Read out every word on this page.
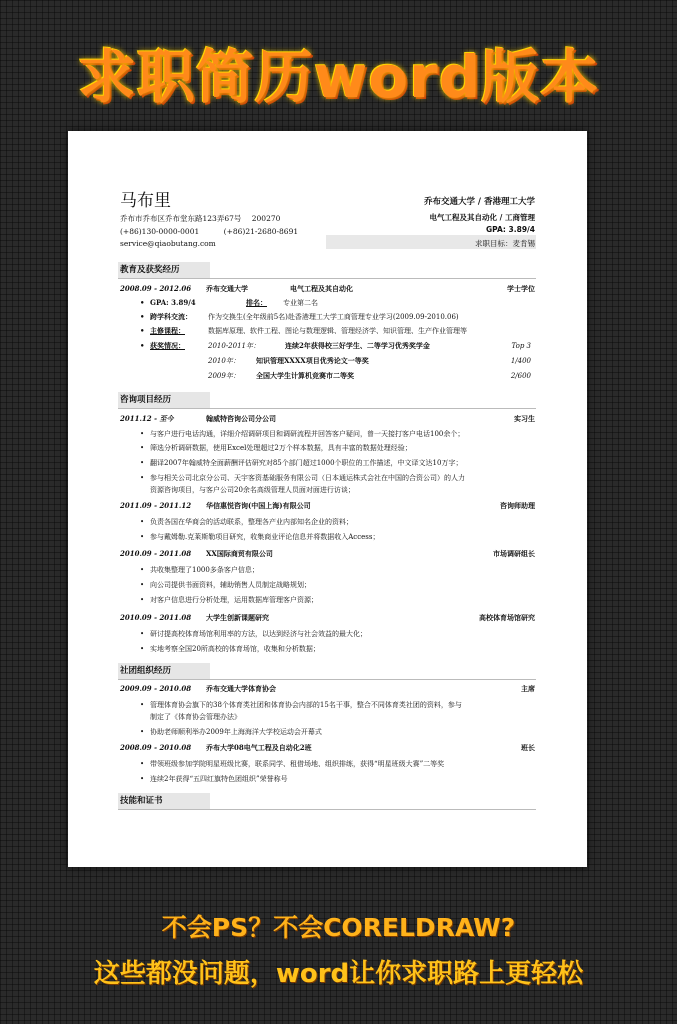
求职简历word版本
马布里
乔布市乔布区乔布堂东路123弄67号 200270
(+86)130-0000-0001	(+86)21-2680-8691
service@qiaobutang.com
乔布交通大学 / 香港理工大学
电气工程及其自动化 / 工商管理
GPA: 3.89/4
求职目标：麦肯锡
教育及获奖经历
2008.09 - 2012.06 乔布交通大学	电气工程及其自动化	学士学位
• GPA: 3.89/4	排名： 专业第二名
• 跨学科交流： 作为交换生(全年级前5名)赴香港理工大学工商管理专业学习(2009.09-2010.06)
• 主修课程：	数据库原理、软件工程、图论与数理逻辑、管理经济学、知识管理、生产作业管理等
• 获奖情况：	2010-2011年：	连续2年获得校三好学生、二等学习优秀奖学金	Top 3
2010年： 知识管理XXXX项目优秀论文一等奖	1/400
2009年： 全国大学生计算机竞赛市二等奖	2/600
咨询项目经历
2011.12 - 至今	翰威特咨询公司分公司	实习生
• 与客户进行电话沟通，详细介绍调研项目和调研流程并回答客户疑问，曾一天接打客户电话100余个；
• 筛选分析调研数据，使用Excel处理超过2万个样本数据，具有丰富的数据处理经验；
• 翻译2007年翰威特全面薪酬评估研究对85个部门超过1000个职位的工作描述，中文译文达10万字；
• 参与相关公司北京分公司、天宇客资基础服务有限公司（日本通运株式会社在中国的合资公司）的人力
资源咨询项目，与客户公司20余名高级管理人员面对面进行访谈；
2011.09 - 2011.12 华信惠悦咨询(中国上海)有限公司	咨询师助理
• 负责各国在华商会的活动联系，整理各产业内部知名企业的资料；
• 参与戴姆勒.克莱斯勒项目研究，收集商业评论信息并将数据收入Access；
2010.09 - 2011.08 XX国际商贸有限公司	市场调研组长
• 共收集整理了1000多条客户信息；
• 向公司提供书面资料，辅助销售人员制定战略规划；
• 对客户信息进行分析处理，运用数据库管理客户资源；
2010.09 - 2011.08 大学生创新课题研究	高校体育场馆研究
• 研讨提高校体育场馆利用率的方法，以达到经济与社会效益的最大化；
• 实地考察全国20所高校的体育场馆，收集和分析数据；
社团组织经历
2009.09 - 2010.08 乔布交通大学体育协会	主席
• 管理体育协会旗下的38个体育类社团和体育协会内部的15名干事，整合不同体育类社团的资料，参与
制定了《体育协会管理办法》
• 协助老师顺利举办2009年上海海洋大学校运动会开幕式
2008.09 - 2010.08 乔布大学08电气工程及自动化2班	班长
• 带领班级参加学院明星班级比赛，联系同学、租借场地、组织排练，获得“明星班级大赛”二等奖
• 连续2年获得“五四红旗特色团组织”荣誉称号
技能和证书
不会PS？不会CORELDRAW?
这些都没问题，word让你求职路上更轻松
